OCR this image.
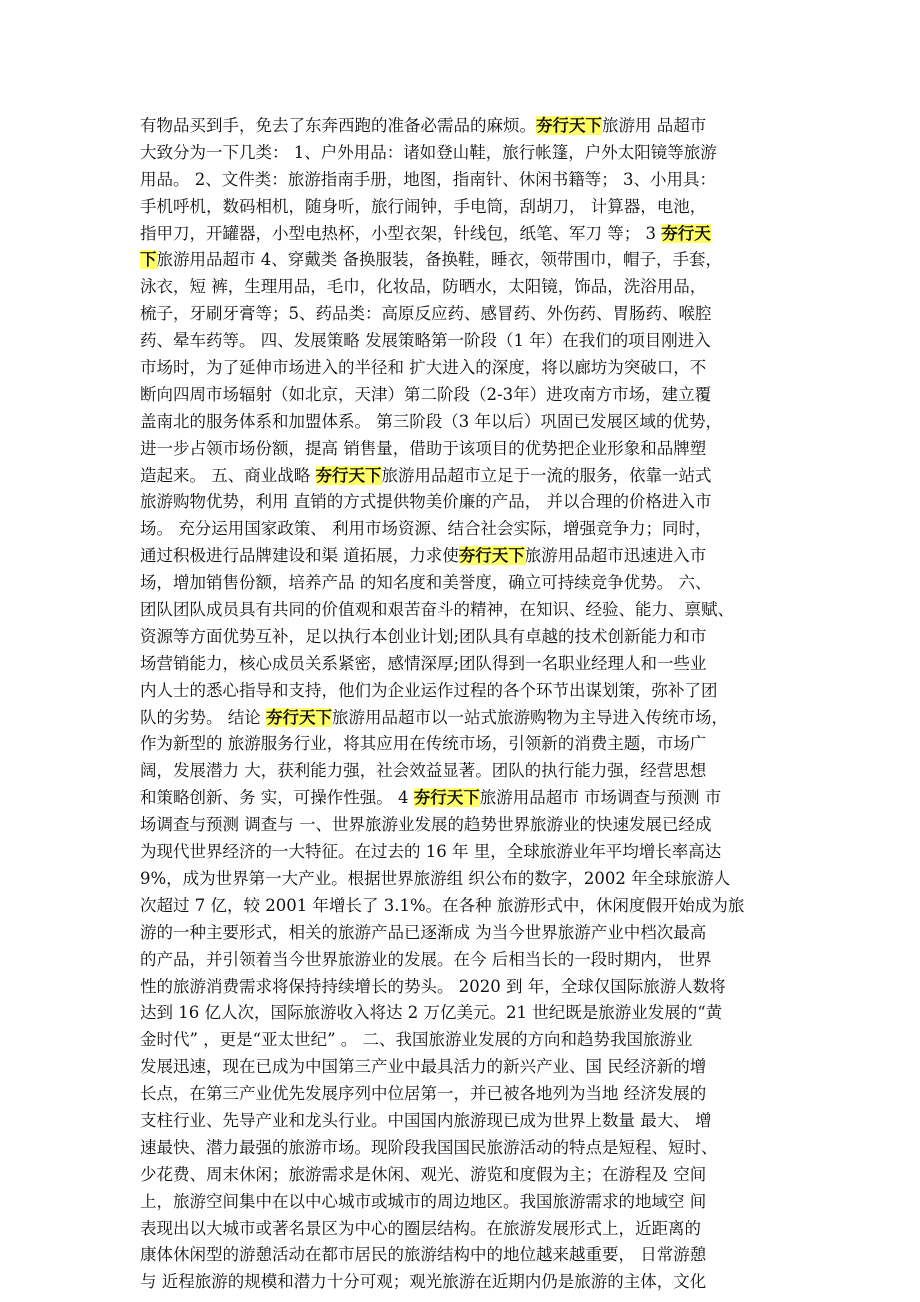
有物品买到手，免去了东奔西跑的准备必需品的麻烦。夯行天下旅游用 品超市
大致分为一下几类： 1、户外用品：诸如登山鞋，旅行帐篷，户外太阳镜等旅游
用品。 2、文件类：旅游指南手册，地图，指南针、休闲书籍等； 3、小用具：
手机呼机，数码相机，随身听，旅行闹钟，手电筒，刮胡刀， 计算器，电池，
指甲刀，开罐器，小型电热杯，小型衣架，针线包，纸笔、军刀 等； 3 夯行天
下旅游用品超市 4、穿戴类 备换服装，备换鞋，睡衣，领带围巾，帽子，手套，
泳衣，短 裤，生理用品，毛巾，化妆品，防晒水，太阳镜，饰品，洗浴用品，
梳子，牙刷牙膏等；5、药品类：高原反应药、感冒药、外伤药、胃肠药、喉腔
药、晕车药等。 四、发展策略 发展策略第一阶段（1 年）在我们的项目刚进入
市场时，为了延伸市场进入的半径和 扩大进入的深度，将以廊坊为突破口，不
断向四周市场辐射（如北京，天津）第二阶段（2-3年）进攻南方市场，建立覆
盖南北的服务体系和加盟体系。 第三阶段（3 年以后）巩固已发展区域的优势，
进一步占领市场份额，提高 销售量，借助于该项目的优势把企业形象和品牌塑
造起来。 五、商业战略 夯行天下旅游用品超市立足于一流的服务，依靠一站式
旅游购物优势，利用 直销的方式提供物美价廉的产品， 并以合理的价格进入市
场。 充分运用国家政策、 利用市场资源、结合社会实际，增强竞争力；同时，
通过积极进行品牌建设和渠 道拓展，力求使夯行天下旅游用品超市迅速进入市
场，增加销售份额，培养产品 的知名度和美誉度，确立可持续竞争优势。 六、
团队团队成员具有共同的价值观和艰苦奋斗的精神，在知识、经验、能力、禀赋、
资源等方面优势互补，足以执行本创业计划;团队具有卓越的技术创新能力和市
场营销能力，核心成员关系紧密，感情深厚;团队得到一名职业经理人和一些业
内人士的悉心指导和支持，他们为企业运作过程的各个环节出谋划策，弥补了团
队的劣势。 结论 夯行天下旅游用品超市以一站式旅游购物为主导进入传统市场，
作为新型的 旅游服务行业，将其应用在传统市场，引领新的消费主题，市场广
阔，发展潜力 大，获利能力强，社会效益显著。团队的执行能力强，经营思想
和策略创新、务 实，可操作性强。 4 夯行天下旅游用品超市 市场调查与预测 市
场调查与预测 调查与 一、世界旅游业发展的趋势世界旅游业的快速发展已经成
为现代世界经济的一大特征。在过去的 16 年 里，全球旅游业年平均增长率高达
9%，成为世界第一大产业。根据世界旅游组 织公布的数字，2002 年全球旅游人
次超过 7 亿，较 2001 年增长了 3.1%。在各种 旅游形式中，休闲度假开始成为旅
游的一种主要形式，相关的旅游产品已逐渐成 为当今世界旅游产业中档次最高
的产品，并引领着当今世界旅游业的发展。在今 后相当长的一段时期内， 世界
性的旅游消费需求将保持持续增长的势头。 2020 到 年，全球仅国际旅游人数将
达到 16 亿人次，国际旅游收入将达 2 万亿美元。21 世纪既是旅游业发展的“黄
金时代” ，更是“亚太世纪” 。 二、我国旅游业发展的方向和趋势我国旅游业
发展迅速，现在已成为中国第三产业中最具活力的新兴产业、国 民经济新的增
长点，在第三产业优先发展序列中位居第一，并已被各地列为当地 经济发展的
支柱行业、先导产业和龙头行业。中国国内旅游现已成为世界上数量 最大、 增
速最快、潜力最强的旅游市场。现阶段我国国民旅游活动的特点是短程、短时、
少花费、周末休闲；旅游需求是休闲、观光、游览和度假为主；在游程及 空间
上，旅游空间集中在以中心城市或城市的周边地区。我国旅游需求的地域空 间
表现出以大城市或著名景区为中心的圈层结构。在旅游发展形式上，近距离的
康体休闲型的游憩活动在都市居民的旅游结构中的地位越来越重要， 日常游憩
与 近程旅游的规模和潜力十分可观；观光旅游在近期内仍是旅游的主体，文化
